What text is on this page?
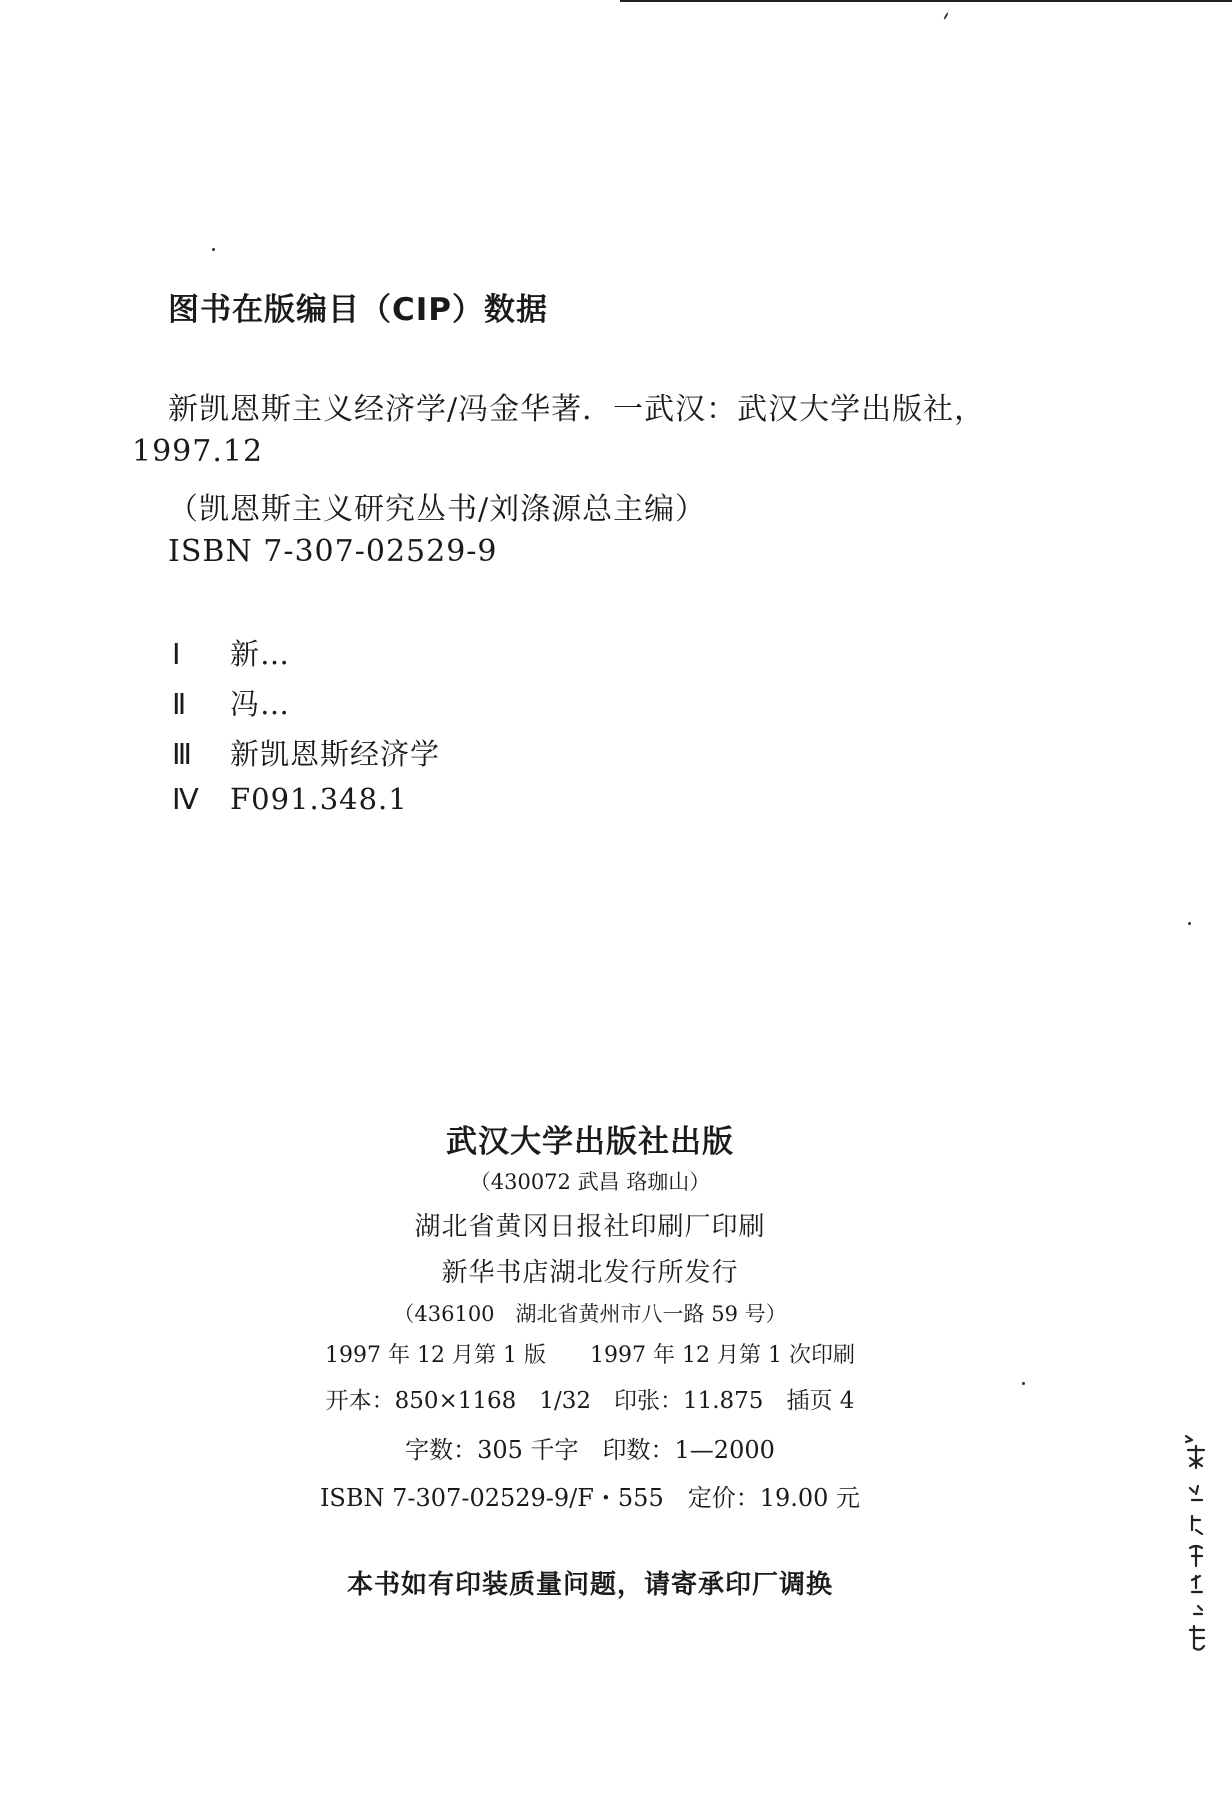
图书在版编目（CIP）数据
新凯恩斯主义经济学/冯金华著．一武汉：武汉大学出版社，
1997.12
（凯恩斯主义研究丛书/刘涤源总主编）
ISBN 7-307-02529-9
Ⅰ	新…
Ⅱ	冯…
Ⅲ	新凯恩斯经济学
Ⅳ	F091.348.1
武汉大学出版社出版
（430072 武昌 珞珈山）
湖北省黄冈日报社印刷厂印刷
新华书店湖北发行所发行
（436100　湖北省黄州市八一路 59 号）
1997 年 12 月第 1 版　　1997 年 12 月第 1 次印刷
开本：850×1168　1/32　印张：11.875　插页 4
字数：305 千字　印数：1—2000
ISBN 7-307-02529-9/F・555　定价：19.00 元
本书如有印装质量问题，请寄承印厂调换
